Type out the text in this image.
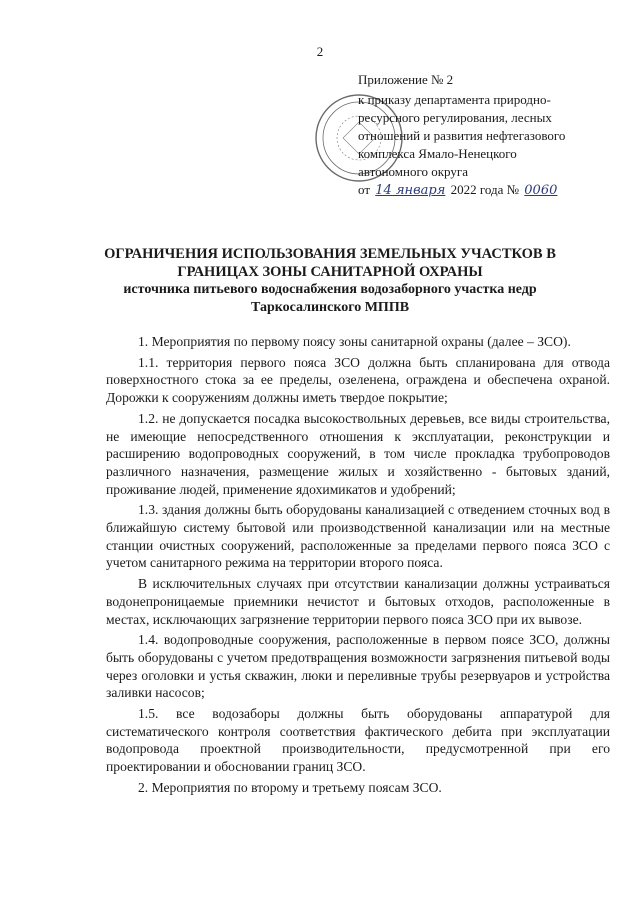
2
Приложение № 2
к приказу департамента природно-
ресурсного регулирования, лесных
отношений и развития нефтегазового
комплекса Ямало-Ненецкого
автономного округа
от 14 января 2022 года № 0060
ОГРАНИЧЕНИЯ ИСПОЛЬЗОВАНИЯ ЗЕМЕЛЬНЫХ УЧАСТКОВ В
ГРАНИЦАХ ЗОНЫ САНИТАРНОЙ ОХРАНЫ
источника питьевого водоснабжения водозаборного участка недр
Таркосалинского МППВ

1. Мероприятия по первому поясу зоны санитарной охраны (далее – ЗСО).

1.1. территория первого пояса ЗСО должна быть спланирована для отвода поверхностного стока за ее пределы, озеленена, ограждена и обеспечена охраной. Дорожки к сооружениям должны иметь твердое покрытие;

1.2. не допускается посадка высокоствольных деревьев, все виды строительства, не имеющие непосредственного отношения к эксплуатации, реконструкции и расширению водопроводных сооружений, в том числе прокладка трубопроводов различного назначения, размещение жилых и хозяйственно - бытовых зданий, проживание людей, применение ядохимикатов и удобрений;

1.3. здания должны быть оборудованы канализацией с отведением сточных вод в ближайшую систему бытовой или производственной канализации или на местные станции очистных сооружений, расположенные за пределами первого пояса ЗСО с учетом санитарного режима на территории второго пояса.

В исключительных случаях при отсутствии канализации должны устраиваться водонепроницаемые приемники нечистот и бытовых отходов, расположенные в местах, исключающих загрязнение территории первого пояса ЗСО при их вывозе.

1.4. водопроводные сооружения, расположенные в первом поясе ЗСО, должны быть оборудованы с учетом предотвращения возможности загрязнения питьевой воды через оголовки и устья скважин, люки и переливные трубы резервуаров и устройства заливки насосов;

1.5. все водозаборы должны быть оборудованы аппаратурой для систематического контроля соответствия фактического дебита при эксплуатации водопровода проектной производительности, предусмотренной при его проектировании и обосновании границ ЗСО.

2. Мероприятия по второму и третьему поясам ЗСО.
